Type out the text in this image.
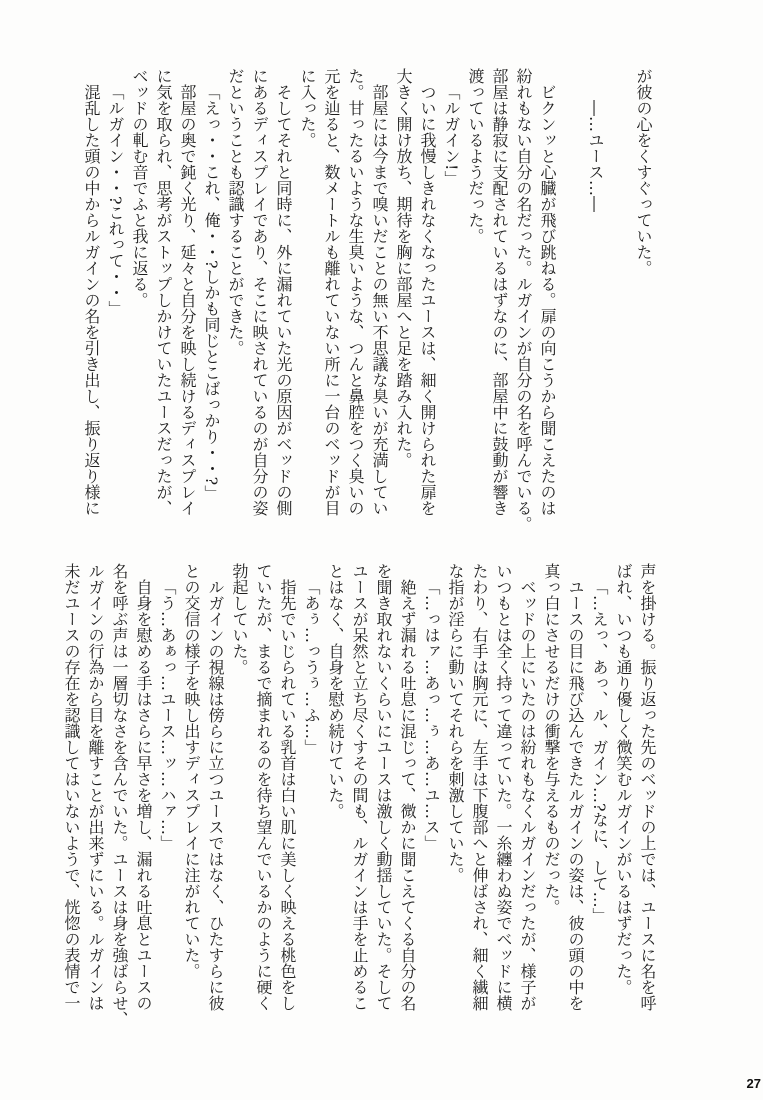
が彼の心をくすぐっていた。

―…ユース…―

ビクンッと心臓が飛び跳ねる。扉の向こうから聞こえたのは

紛れもない自分の名だった。ルガインが自分の名を呼んでいる。

部屋は静寂に支配されているはずなのに、部屋中に鼓動が響き

渡っているようだった。

「ルガイン!」

ついに我慢しきれなくなったユースは、細く開けられた扉を

大きく開け放ち、期待を胸に部屋へと足を踏み入れた。

部屋には今まで嗅いだことの無い不思議な臭いが充満してい

た。甘ったるいような生臭いような、つんと鼻腔をつく臭いの

元を辿ると、数メートルも離れていない所に一台のベッドが目

に入った。

そしてそれと同時に、外に漏れていた光の原因がベッドの側

にあるディスプレイであり、そこに映されているのが自分の姿

だということも認識することができた。

「えっ・・これ、俺・・?しかも同じとこばっかり・・?」

部屋の奥で鈍く光り、延々と自分を映し続けるディスプレイ

に気を取られ、思考がストップしかけていたユースだったが、

ベッドの軋む音でふと我に返る。

「ルガイン・・?これって・・」

混乱した頭の中からルガインの名を引き出し、振り返り様に

声を掛ける。振り返った先のベッドの上では、ユースに名を呼

ばれ、いつも通り優しく微笑むルガインがいるはずだった。

「…えっ、あっ、ル、ガイン…?なに、して…」

ユースの目に飛び込んできたルガインの姿は、彼の頭の中を

真っ白にさせるだけの衝撃を与えるものだった。

ベッドの上にいたのは紛れもなくルガインだったが、様子が

いつもとは全く持って違っていた。一糸纏わぬ姿でベッドに横

たわり、右手は胸元に、左手は下腹部へと伸ばされ、細く繊細

な指が淫らに動いてそれらを刺激していた。

「…っはァ…あっ…ぅ…あ…ユ…ス」

絶えず漏れる吐息に混じって、微かに聞こえてくる自分の名

を聞き取れないくらいにユースは激しく動揺していた。そして

ユースが呆然と立ち尽くすその間も、ルガインは手を止めるこ

とはなく、自身を慰め続けていた。

「あぅ…っうぅ…ふ…」

指先でいじられている乳首は白い肌に美しく映える桃色をし

ていたが、まるで摘まれるのを待ち望んでいるかのように硬く

勃起していた。

ルガインの視線は傍らに立つユースではなく、ひたすらに彼

との交信の様子を映し出すディスプレイに注がれていた。

「う…あぁっ…ユース…ッ…ハァ…」

自身を慰める手はさらに早さを増し、漏れる吐息とユースの

名を呼ぶ声は一層切なさを含んでいた。ユースは身を強ばらせ、

ルガインの行為から目を離すことが出来ずにいる。ルガインは

未だユースの存在を認識してはいないようで、恍惚の表情で一

27
